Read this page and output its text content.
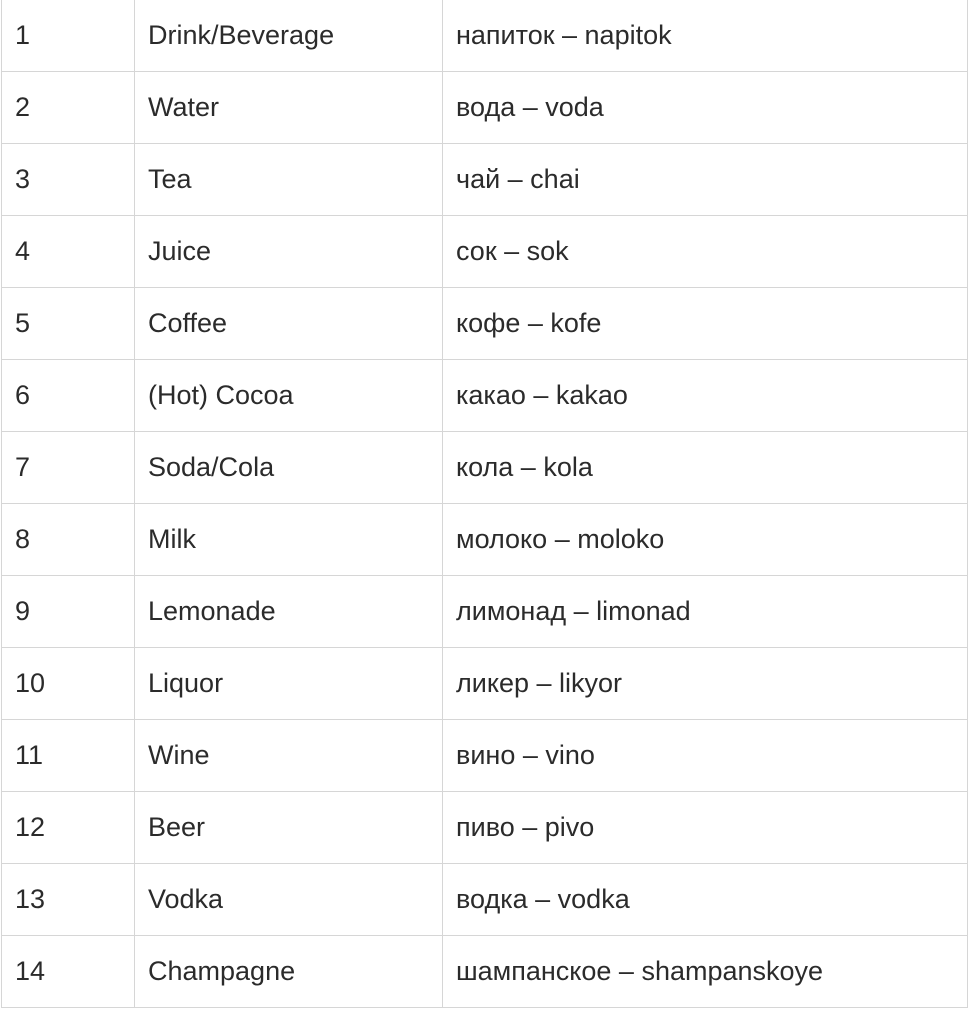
1	Drink/Beverage	напиток – napitok
2	Water	вода – voda
3	Tea	чай – chai
4	Juice	сок – sok
5	Coffee	кофе – kofe
6	(Hot) Cocoa	какао – kakao
7	Soda/Cola	кола – kola
8	Milk	молоко – moloko
9	Lemonade	лимонад – limonad
10	Liquor	ликер – likyor
11	Wine	вино – vino
12	Beer	пиво – pivo
13	Vodka	водка – vodka
14	Champagne	шампанское – shampanskoye
